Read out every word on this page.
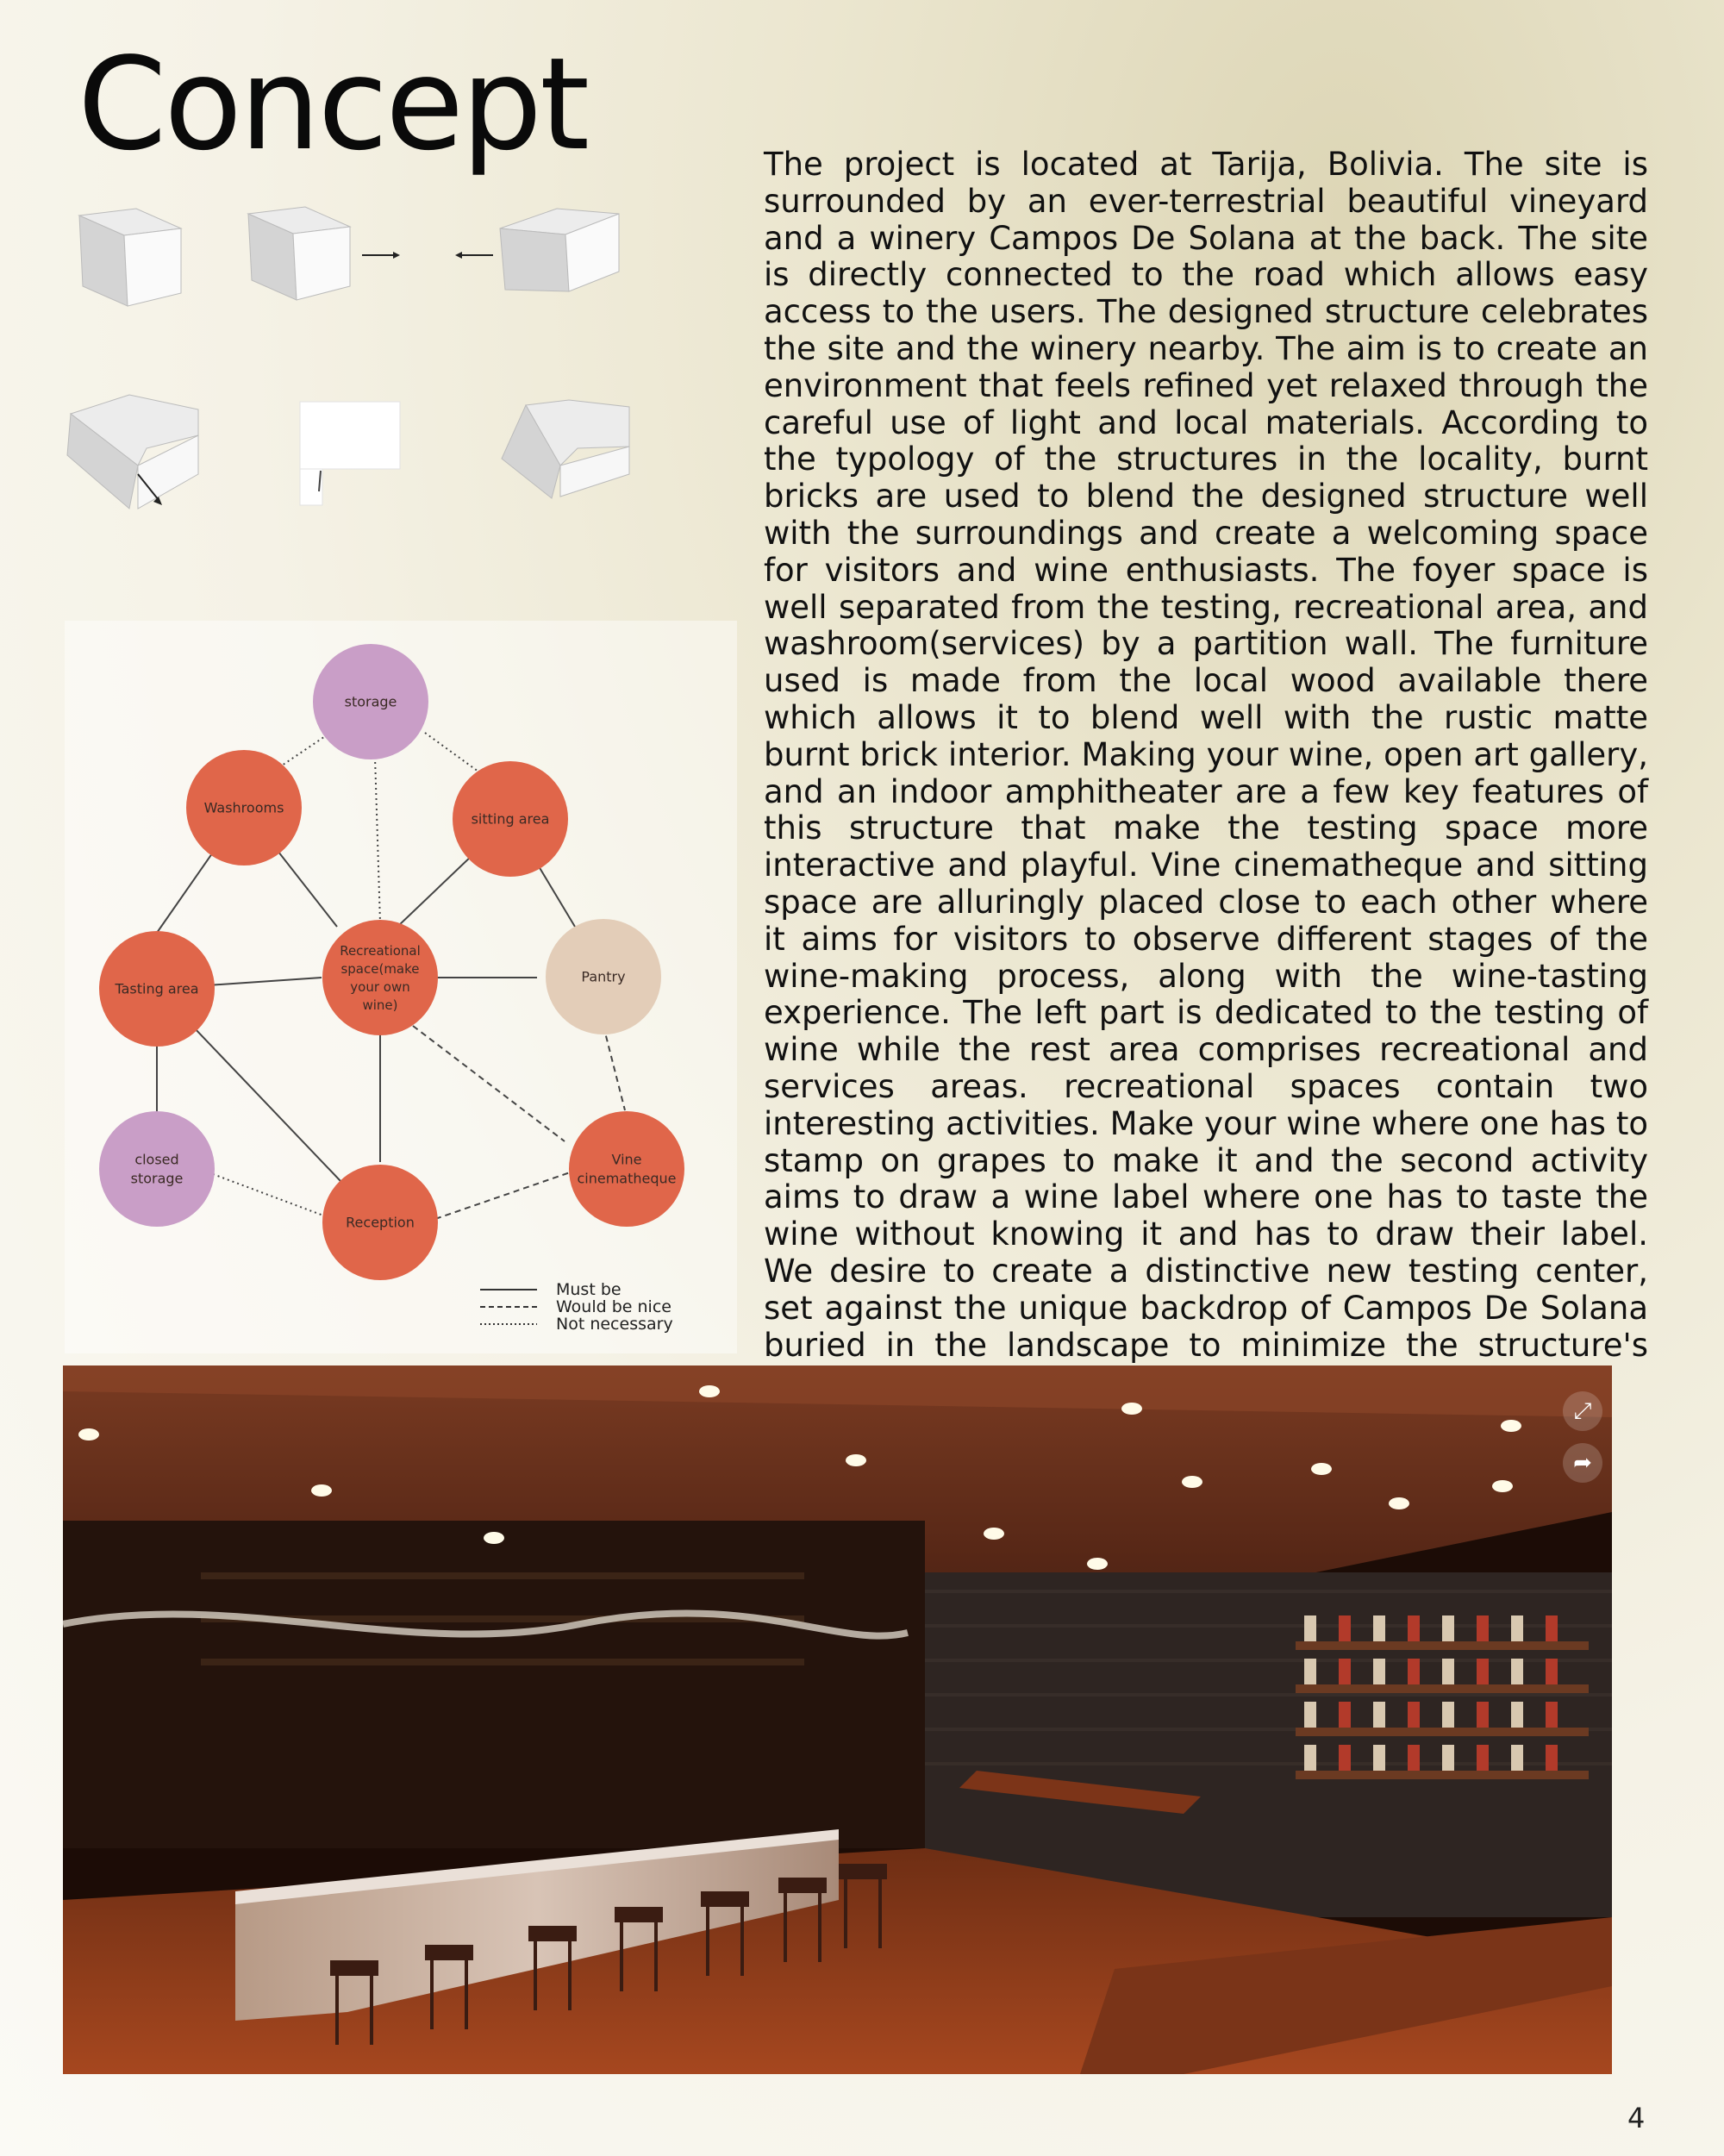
Concept	The project is located at Tarija, Bolivia. The site is surrounded by an ever-terrestrial beautiful vineyard and a winery Campos De Solana at the back. The site is directly connected to the road which allows easy access to the users. The designed structure celebrates the site and the winery nearby. The aim is to create an environment that feels refined yet relaxed through the careful use of light and local materials. According to the typology of the structures in the locality, burnt bricks are used to blend the designed structure well with the surroundings and create a welcoming space for visitors and wine enthusiasts. The foyer space is well separated from the testing, recreational area, and washroom(services) by a partition wall. The furniture used is made from the local wood available there which allows it to blend well with the rustic matte burnt brick interior. Making your wine, open art gallery, and an indoor amphitheater are a few key features of this structure that make the testing space more interactive and playful. Vine cinematheque and sitting space are alluringly placed close to each other where it aims for visitors to observe different stages of the wine-making process, along with the wine-tasting experience. The left part is dedicated to the testing of wine while the rest area comprises recreational and services areas. recreational spaces contain two interesting activities. Make your wine where one has to stamp on grapes to make it and the second activity aims to draw a wine label where one has to taste the wine without knowing it and has to draw their label. We desire to create a distinctive new testing center, set against the unique backdrop of Campos De Solana buried in the landscape to minimize the structure's

storage
Washrooms
sitting area
Recreational
space(make
your own
wine)
Tasting area
Pantry
closed
storage
Vine
cinematheque
Reception
Must be
Would be nice
Not necessary
⤢
➦
4
